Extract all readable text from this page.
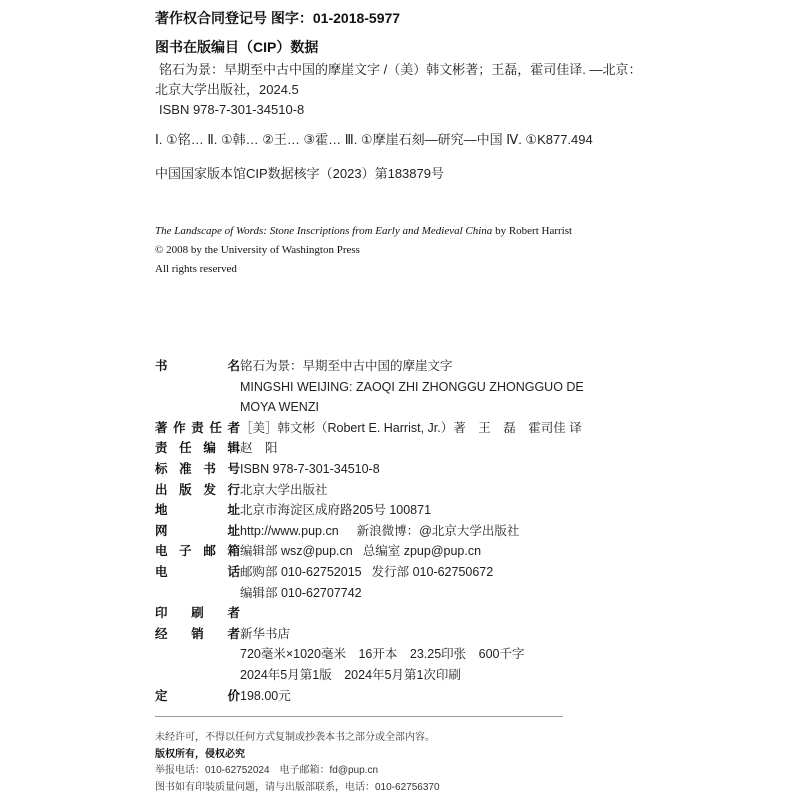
著作权合同登记号 图字：01-2018-5977
图书在版编目（CIP）数据
铭石为景：早期至中古中国的摩崖文字 /（美）韩文彬著；王磊，霍司佳译. —北京：
北京大学出版社，2024.5
ISBN 978-7-301-34510-8
Ⅰ. ①铭… Ⅱ. ①韩… ②王… ③霍… Ⅲ. ①摩崖石刻—研究—中国 Ⅳ. ①K877.494
中国国家版本馆CIP数据核字（2023）第183879号
The Landscape of Words: Stone Inscriptions from Early and Medieval China by Robert Harrist
© 2008 by the University of Washington Press
All rights reserved
书	名 铭石为景：早期至中古中国的摩崖文字
MINGSHI WEIJING: ZAOQI ZHI ZHONGGU ZHONGGUO DE
MOYA WENZI
著 作 责 任 者 ［美］韩文彬（Robert E. Harrist, Jr.）著　王　磊　霍司佳 译
责 任 编 辑 赵　阳
标 准 书 号 ISBN 978-7-301-34510-8
出 版 发 行 北京大学出版社
地	址 北京市海淀区成府路205号 100871
网	址 http://www.pup.cn 新浪微博：@北京大学出版社
电 子 邮 箱 编辑部 wsz@pup.cn 总编室 zpup@pup.cn
电	话 邮购部 010-62752015 发行部 010-62750672
编辑部 010-62707742
印 刷 者
经 销 者 新华书店
720毫米×1020毫米　16开本　23.25印张　600千字
2024年5月第1版　2024年5月第1次印刷
定	价 198.00元
未经许可，不得以任何方式复制或抄袭本书之部分或全部内容。
版权所有，侵权必究
举报电话：010-62752024　电子邮箱：fd@pup.cn
图书如有印装质量问题，请与出版部联系，电话：010-62756370
